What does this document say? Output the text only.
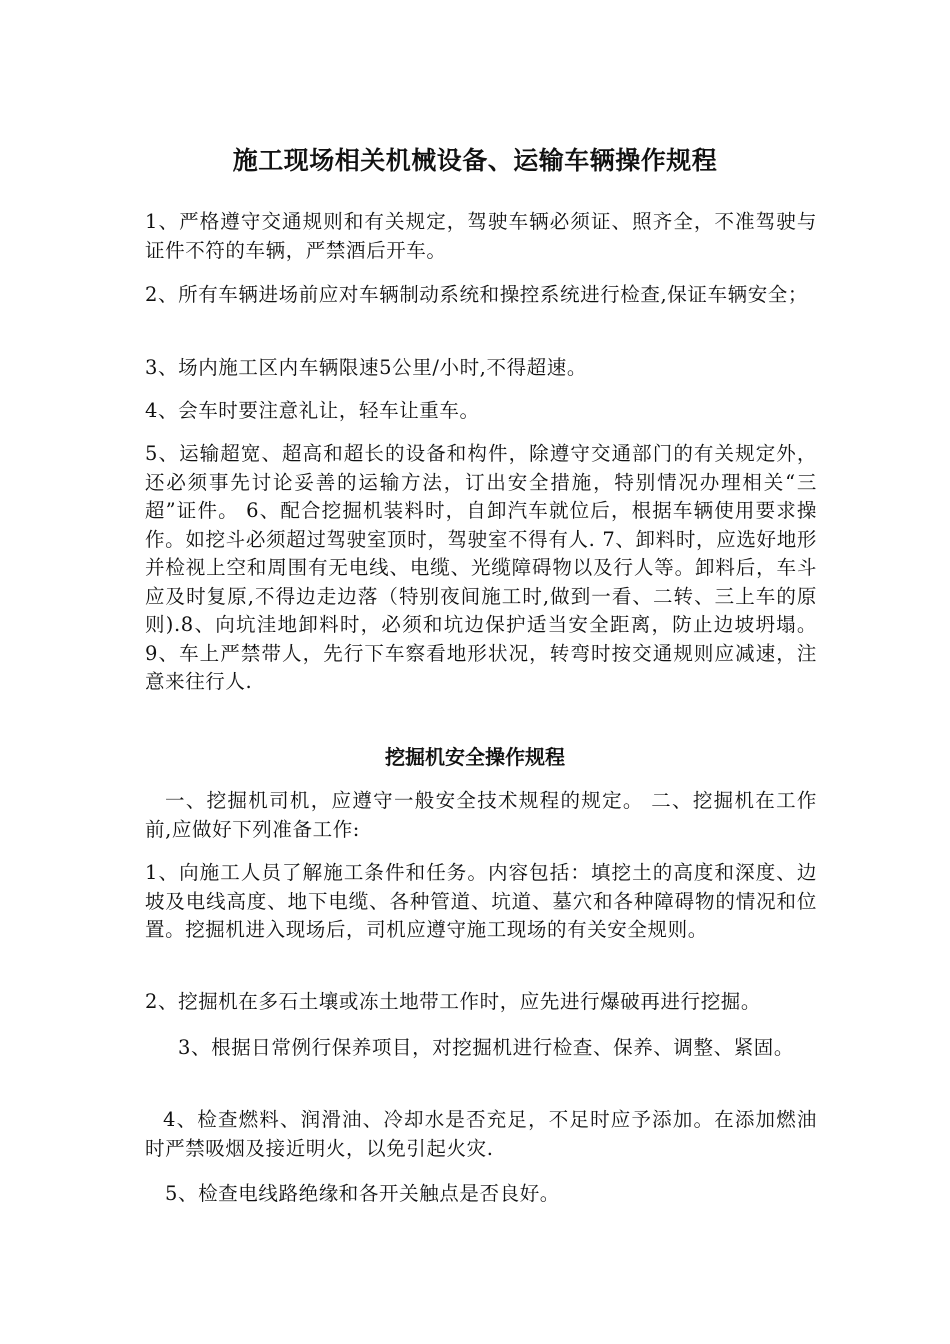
施工现场相关机械设备、运输车辆操作规程

1、严格遵守交通规则和有关规定，驾驶车辆必须证、照齐全，不准驾驶与证件不符的车辆，严禁酒后开车。

2、所有车辆进场前应对车辆制动系统和操控系统进行检查,保证车辆安全；

3、场内施工区内车辆限速5公里/小时,不得超速。

4、会车时要注意礼让，轻车让重车。

5、运输超宽、超高和超长的设备和构件，除遵守交通部门的有关规定外，还必须事先讨论妥善的运输方法，订出安全措施，特别情况办理相关“三超”证件。 6、配合挖掘机装料时，自卸汽车就位后，根据车辆使用要求操作。如挖斗必须超过驾驶室顶时，驾驶室不得有人. 7、卸料时，应选好地形并检视上空和周围有无电线、电缆、光缆障碍物以及行人等。卸料后，车斗应及时复原,不得边走边落（特别夜间施工时,做到一看、二转、三上车的原则).8、向坑洼地卸料时，必须和坑边保护适当安全距离，防止边坡坍塌。 9、车上严禁带人，先行下车察看地形状况，转弯时按交通规则应减速，注意来往行人.

挖掘机安全操作规程

一、挖掘机司机，应遵守一般安全技术规程的规定。 二、挖掘机在工作前,应做好下列准备工作:

1、向施工人员了解施工条件和任务。内容包括：填挖土的高度和深度、边坡及电线高度、地下电缆、各种管道、坑道、墓穴和各种障碍物的情况和位置。挖掘机进入现场后，司机应遵守施工现场的有关安全规则。

2、挖掘机在多石土壤或冻土地带工作时，应先进行爆破再进行挖掘。

3、根据日常例行保养项目，对挖掘机进行检查、保养、调整、紧固。

4、检查燃料、润滑油、冷却水是否充足，不足时应予添加。在添加燃油时严禁吸烟及接近明火，以免引起火灾.

5、检查电线路绝缘和各开关触点是否良好。
